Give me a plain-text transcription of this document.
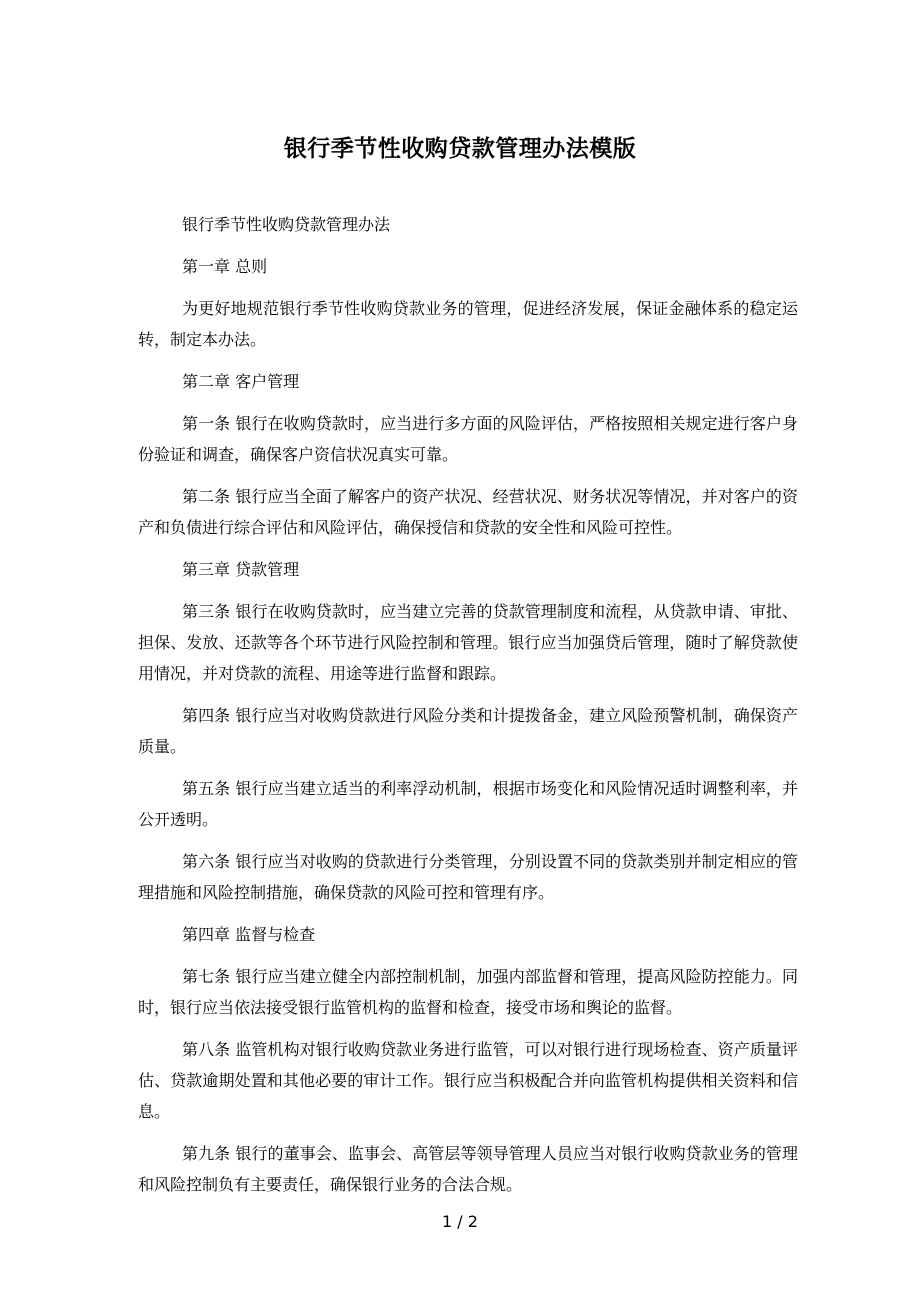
银行季节性收购贷款管理办法模版

银行季节性收购贷款管理办法

第一章 总则

为更好地规范银行季节性收购贷款业务的管理，促进经济发展，保证金融体系的稳定运转，制定本办法。

第二章 客户管理

第一条 银行在收购贷款时，应当进行多方面的风险评估，严格按照相关规定进行客户身份验证和调查，确保客户资信状况真实可靠。

第二条 银行应当全面了解客户的资产状况、经营状况、财务状况等情况，并对客户的资产和负债进行综合评估和风险评估，确保授信和贷款的安全性和风险可控性。

第三章 贷款管理

第三条 银行在收购贷款时，应当建立完善的贷款管理制度和流程，从贷款申请、审批、担保、发放、还款等各个环节进行风险控制和管理。银行应当加强贷后管理，随时了解贷款使用情况，并对贷款的流程、用途等进行监督和跟踪。

第四条 银行应当对收购贷款进行风险分类和计提拨备金，建立风险预警机制，确保资产质量。

第五条 银行应当建立适当的利率浮动机制，根据市场变化和风险情况适时调整利率，并公开透明。

第六条 银行应当对收购的贷款进行分类管理，分别设置不同的贷款类别并制定相应的管理措施和风险控制措施，确保贷款的风险可控和管理有序。

第四章 监督与检查

第七条 银行应当建立健全内部控制机制，加强内部监督和管理，提高风险防控能力。同时，银行应当依法接受银行监管机构的监督和检查，接受市场和舆论的监督。

第八条 监管机构对银行收购贷款业务进行监管，可以对银行进行现场检查、资产质量评估、贷款逾期处置和其他必要的审计工作。银行应当积极配合并向监管机构提供相关资料和信息。

第九条 银行的董事会、监事会、高管层等领导管理人员应当对银行收购贷款业务的管理和风险控制负有主要责任，确保银行业务的合法合规。

1 / 2
